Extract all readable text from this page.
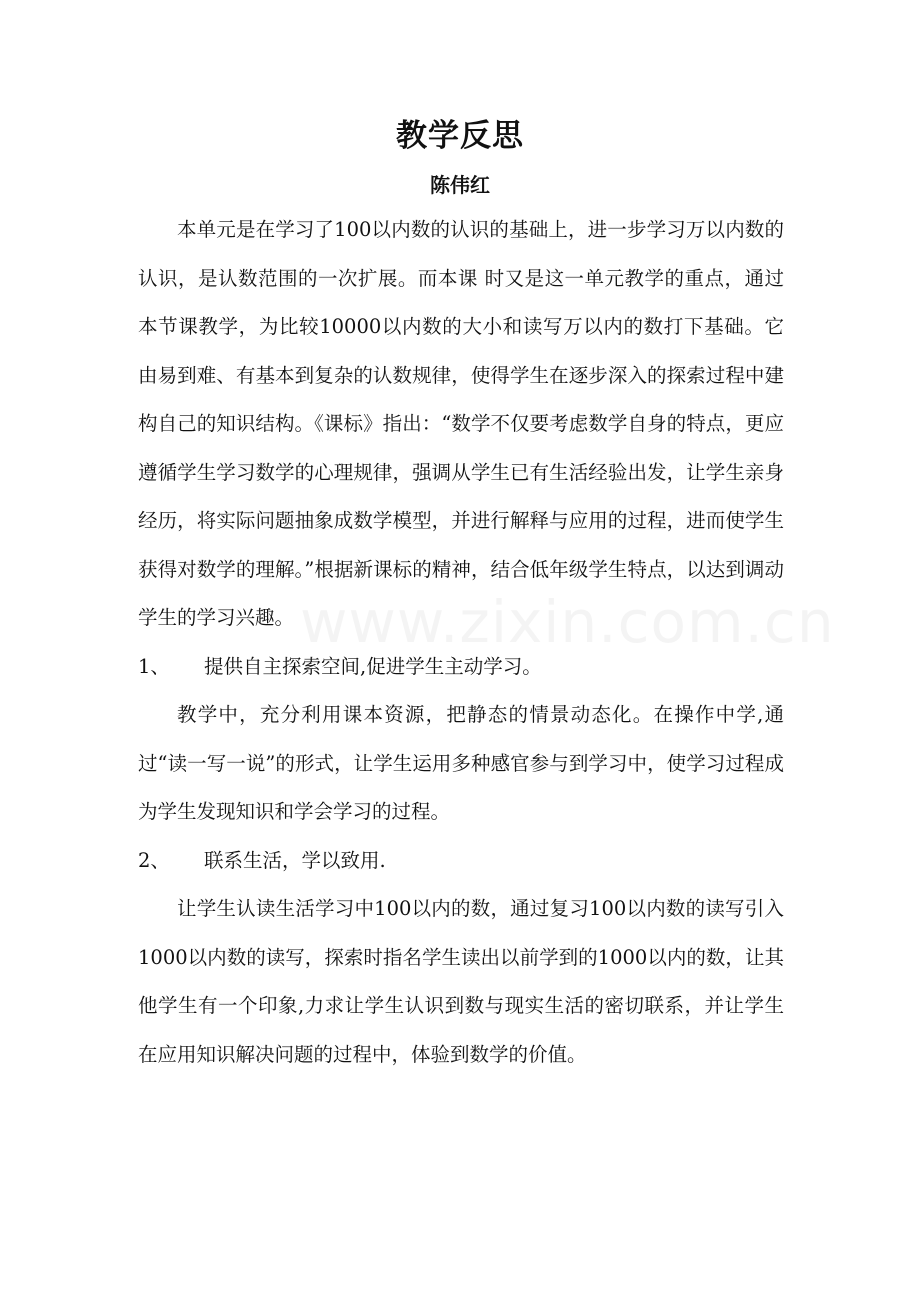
教学反思
陈伟红

本单元是在学习了100以内数的认识的基础上，进一步学习万以内数的认识，是认数范围的一次扩展。而本课 时又是这一单元教学的重点，通过本节课教学，为比较10000以内数的大小和读写万以内的数打下基础。它由易到难、有基本到复杂的认数规律，使得学生在逐步深入的探索过程中建构自己的知识结构。《课标》指出：“数学不仅要考虑数学自身的特点，更应遵循学生学习数学的心理规律，强调从学生已有生活经验出发，让学生亲身经历，将实际问题抽象成数学模型，并进行解释与应用的过程，进而使学生获得对数学的理解。”根据新课标的精神，结合低年级学生特点，以达到调动学生的学习兴趣。

1、 提供自主探索空间,促进学生主动学习。

教学中，充分利用课本资源，把静态的情景动态化。在操作中学,通过“读一写一说”的形式，让学生运用多种感官参与到学习中，使学习过程成为学生发现知识和学会学习的过程。

2、 联系生活，学以致用.

让学生认读生活学习中100以内的数，通过复习100以内数的读写引入1000以内数的读写，探索时指名学生读出以前学到的1000以内的数，让其他学生有一个印象,力求让学生认识到数与现实生活的密切联系，并让学生在应用知识解决问题的过程中，体验到数学的价值。

www.zixin.com.cn
